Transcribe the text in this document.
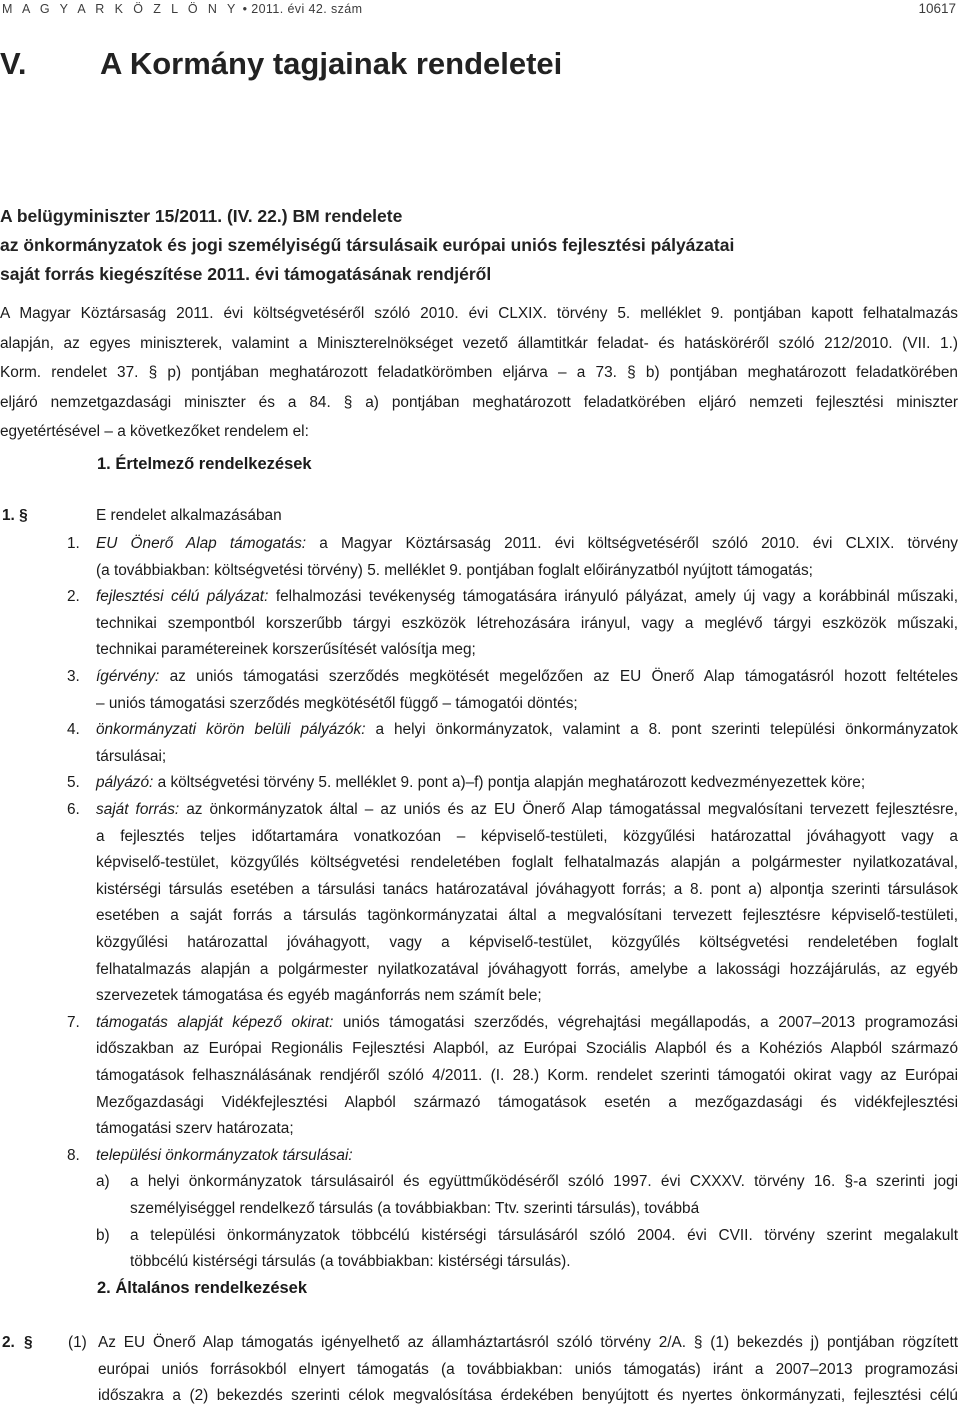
M A G Y A R K Ö Z L Ö N Y • 2011. évi 42. szám	10617
V. A Kormány tagjainak rendeletei
A belügyminiszter 15/2011. (IV. 22.) BM rendelete
az önkormányzatok és jogi személyiségű társulásaik európai uniós fejlesztési pályázatai
saját forrás kiegészítése 2011. évi támogatásának rendjéről
A Magyar Köztársaság 2011. évi költségvetéséről szóló 2010. évi CLXIX. törvény 5. melléklet 9. pontjában kapott felhatalmazás
alapján, az egyes miniszterek, valamint a Miniszterelnökséget vezető államtitkár feladat- és hatásköréről szóló 212/2010. (VII. 1.)
Korm. rendelet 37. § p) pontjában meghatározott feladatkörömben eljárva – a 73. § b) pontjában meghatározott feladatkörében
eljáró nemzetgazdasági miniszter és a 84. § a) pontjában meghatározott feladatkörében eljáró nemzeti fejlesztési miniszter
egyetértésével – a következőket rendelem el:
1. Értelmező rendelkezések
1. §	E rendelet alkalmazásában
1. EU Önerő Alap támogatás: a Magyar Köztársaság 2011. évi költségvetéséről szóló 2010. évi CLXIX. törvény
(a továbbiakban: költségvetési törvény) 5. melléklet 9. pontjában foglalt előirányzatból nyújtott támogatás;
2. fejlesztési célú pályázat: felhalmozási tevékenység támogatására irányuló pályázat, amely új vagy a korábbinál műszaki,
technikai szempontból korszerűbb tárgyi eszközök létrehozására irányul, vagy a meglévő tárgyi eszközök műszaki,
technikai paramétereinek korszerűsítését valósítja meg;
3. ígérvény: az uniós támogatási szerződés megkötését megelőzően az EU Önerő Alap támogatásról hozott feltételes
– uniós támogatási szerződés megkötésétől függő – támogatói döntés;
4. önkormányzati körön belüli pályázók: a helyi önkormányzatok, valamint a 8. pont szerinti települési önkormányzatok
társulásai;
5. pályázó: a költségvetési törvény 5. melléklet 9. pont a)–f) pontja alapján meghatározott kedvezményezettek köre;
6. saját forrás: az önkormányzatok által – az uniós és az EU Önerő Alap támogatással megvalósítani tervezett fejlesztésre,
a fejlesztés teljes időtartamára vonatkozóan – képviselő-testületi, közgyűlési határozattal jóváhagyott vagy a
képviselő-testület, közgyűlés költségvetési rendeletében foglalt felhatalmazás alapján a polgármester nyilatkozatával,
kistérségi társulás esetében a társulási tanács határozatával jóváhagyott forrás; a 8. pont a) alpontja szerinti társulások
esetében a saját forrás a társulás tagönkormányzatai által a megvalósítani tervezett fejlesztésre képviselő-testületi,
közgyűlési határozattal jóváhagyott, vagy a képviselő-testület, közgyűlés költségvetési rendeletében foglalt
felhatalmazás alapján a polgármester nyilatkozatával jóváhagyott forrás, amelybe a lakossági hozzájárulás, az egyéb
szervezetek támogatása és egyéb magánforrás nem számít bele;
7. támogatás alapját képező okirat: uniós támogatási szerződés, végrehajtási megállapodás, a 2007–2013 programozási
időszakban az Európai Regionális Fejlesztési Alapból, az Európai Szociális Alapból és a Kohéziós Alapból származó
támogatások felhasználásának rendjéről szóló 4/2011. (I. 28.) Korm. rendelet szerinti támogatói okirat vagy az Európai
Mezőgazdasági Vidékfejlesztési Alapból származó támogatások esetén a mezőgazdasági és vidékfejlesztési
támogatási szerv határozata;
8. települési önkormányzatok társulásai:
a) a helyi önkormányzatok társulásairól és együttműködéséről szóló 1997. évi CXXXV. törvény 16. §-a szerinti jogi
személyiséggel rendelkező társulás (a továbbiakban: Ttv. szerinti társulás), továbbá
b) a települési önkormányzatok többcélú kistérségi társulásáról szóló 2004. évi CVII. törvény szerint megalakult
többcélú kistérségi társulás (a továbbiakban: kistérségi társulás).
2. Általános rendelkezések
2. § (1) Az EU Önerő Alap támogatás igényelhető az államháztartásról szóló törvény 2/A. § (1) bekezdés j) pontjában rögzített
európai uniós forrásokból elnyert támogatás (a továbbiakban: uniós támogatás) iránt a 2007–2013 programozási
időszakra a (2) bekezdés szerinti célok megvalósítása érdekében benyújtott és nyertes önkormányzati, fejlesztési célú
